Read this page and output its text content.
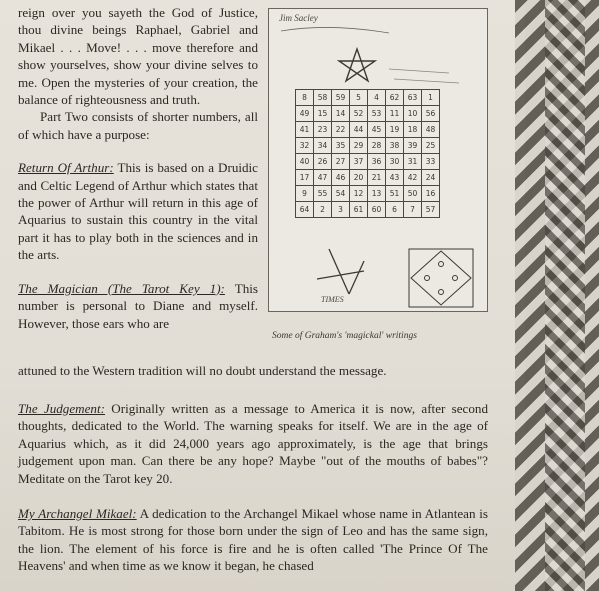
reign over you sayeth the God of Justice, thou divine beings Raphael, Gabriel and Mikael . . . Move! . . . move therefore and show yourselves, show your divine selves to me. Open the mysteries of your creation, the balance of righteousness and truth.

Part Two consists of shorter numbers, all of which have a purpose:

Return Of Arthur: This is based on a Druidic and Celtic Legend of Arthur which states that the power of Arthur will return in this age of Aquarius to sustain this country in the vital part it has to play both in the sciences and in the arts.

The Magician (The Tarot Key 1): This number is personal to Diane and myself. However, those ears who are

attuned to the Western tradition will no doubt understand the message.

The Judgement: Originally written as a message to America it is now, after second thoughts, dedicated to the World. The warning speaks for itself. We are in the age of Aquarius which, as it did 24,000 years ago approximately, is the age that brings judgement upon man. Can there be any hope? Maybe "out of the mouths of babes"? Meditate on the Tarot key 20.

My Archangel Mikael: A dedication to the Archangel Mikael whose name in Atlantean is Tabitom. He is most strong for those born under the sign of Leo and has the same sign, the lion. The element of his force is fire and he is often called 'The Prince Of The Heavens' and when time as we know it began, he chased

Jim Sacley
TIMES
8	58	59	5	4	62	63	1
49	15	14	52	53	11	10	56
41	23	22	44	45	19	18	48
32	34	35	29	28	38	39	25
40	26	27	37	36	30	31	33
17	47	46	20	21	43	42	24
9	55	54	12	13	51	50	16
64	2	3	61	60	6	7	57
Some of Graham's 'magickal' writings
